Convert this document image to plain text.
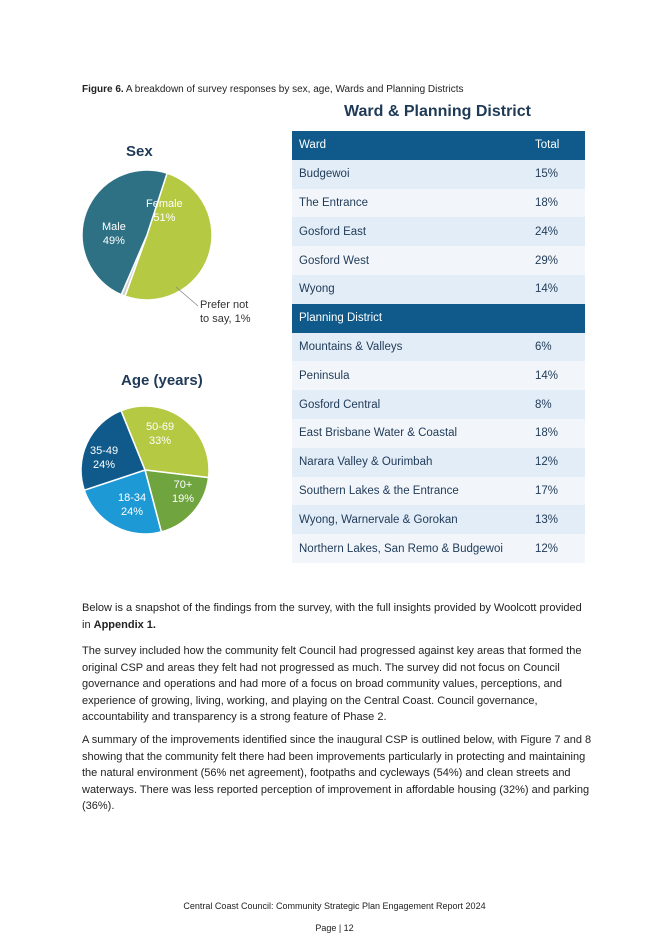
Figure 6. A breakdown of survey responses by sex, age, Wards and Planning Districts
Sex
Female
51%
Male
49%
Prefer not
to say, 1%
Age (years)
50-69
33%
70+
19%
18-34
24%
35-49
24%
Ward & Planning District
Ward	Total
Budgewoi	15%
The Entrance	18%
Gosford East	24%
Gosford West	29%
Wyong	14%
Planning District	
Mountains & Valleys	6%
Peninsula	14%
Gosford Central	8%
East Brisbane Water & Coastal	18%
Narara Valley & Ourimbah	12%
Southern Lakes & the Entrance	17%
Wyong, Warnervale & Gorokan	13%
Northern Lakes, San Remo & Budgewoi	12%
Below is a snapshot of the findings from the survey, with the full insights provided by Woolcott provided in Appendix 1.
The survey included how the community felt Council had progressed against key areas that formed the original CSP and areas they felt had not progressed as much. The survey did not focus on Council governance and operations and had more of a focus on broad community values, perceptions, and experience of growing, living, working, and playing on the Central Coast. Council governance, accountability and transparency is a strong feature of Phase 2.
A summary of the improvements identified since the inaugural CSP is outlined below, with Figure 7 and 8 showing that the community felt there had been improvements particularly in protecting and maintaining the natural environment (56% net agreement), footpaths and cycleways (54%) and clean streets and waterways. There was less reported perception of improvement in affordable housing (32%) and parking (36%).
Central Coast Council: Community Strategic Plan Engagement Report 2024
Page | 12
